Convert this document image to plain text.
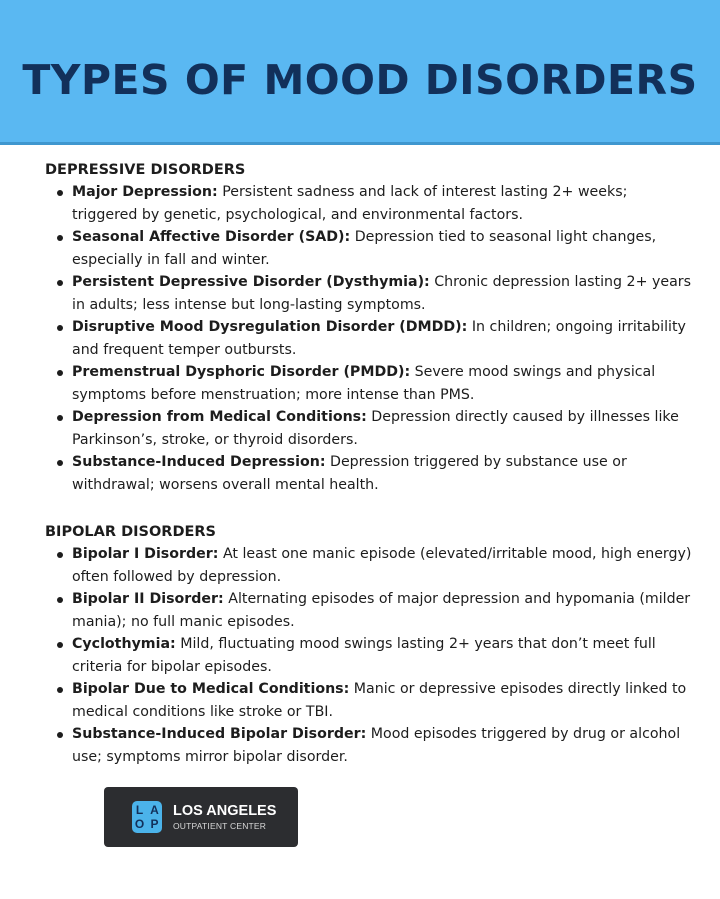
TYPES OF MOOD DISORDERS
DEPRESSIVE DISORDERS
Major Depression: Persistent sadness and lack of interest lasting 2+ weeks; triggered by genetic, psychological, and environmental factors.
Seasonal Affective Disorder (SAD): Depression tied to seasonal light changes, especially in fall and winter.
Persistent Depressive Disorder (Dysthymia): Chronic depression lasting 2+ years in adults; less intense but long-lasting symptoms.
Disruptive Mood Dysregulation Disorder (DMDD): In children; ongoing irritability and frequent temper outbursts.
Premenstrual Dysphoric Disorder (PMDD): Severe mood swings and physical symptoms before menstruation; more intense than PMS.
Depression from Medical Conditions: Depression directly caused by illnesses like Parkinson’s, stroke, or thyroid disorders.
Substance-Induced Depression: Depression triggered by substance use or withdrawal; worsens overall mental health.
BIPOLAR DISORDERS
Bipolar I Disorder: At least one manic episode (elevated/irritable mood, high energy) often followed by depression.
Bipolar II Disorder: Alternating episodes of major depression and hypomania (milder mania); no full manic episodes.
Cyclothymia: Mild, fluctuating mood swings lasting 2+ years that don’t meet full criteria for bipolar episodes.
Bipolar Due to Medical Conditions: Manic or depressive episodes directly linked to medical conditions like stroke or TBI.
Substance-Induced Bipolar Disorder: Mood episodes triggered by drug or alcohol use; symptoms mirror bipolar disorder.
L A
O P
LOS ANGELES
OUTPATIENT CENTER
